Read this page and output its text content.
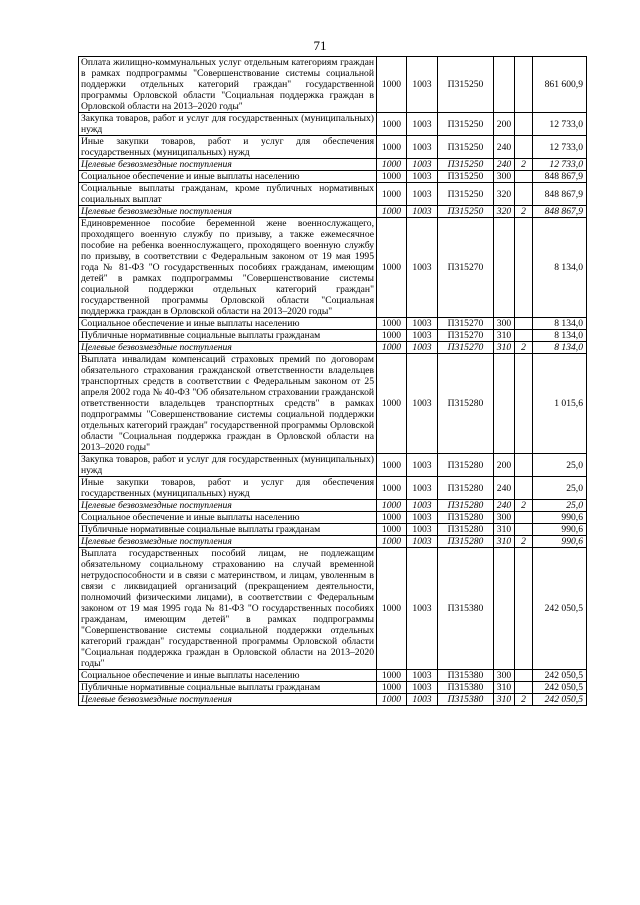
71
Оплата жилищно-коммунальных услуг отдельным категориям граждан в рамках подпрограммы "Совершенствование системы социальной поддержки отдельных категорий граждан" государственной программы Орловской области "Социальная поддержка граждан в Орловской области на 2013–2020 годы"	1000	1003	П315250			861 600,9
Закупка товаров, работ и услуг для государственных (муниципальных) нужд	1000	1003	П315250	200		12 733,0
Иные закупки товаров, работ и услуг для обеспечения государственных (муниципальных) нужд	1000	1003	П315250	240		12 733,0
Целевые безвозмездные поступления	1000	1003	П315250	240	2	12 733,0
Социальное обеспечение и иные выплаты населению	1000	1003	П315250	300		848 867,9
Социальные выплаты гражданам, кроме публичных нормативных социальных выплат	1000	1003	П315250	320		848 867,9
Целевые безвозмездные поступления	1000	1003	П315250	320	2	848 867,9
Единовременное пособие беременной жене военнослужащего, проходящего военную службу по призыву, а также ежемесячное пособие на ребенка военнослужащего, проходящего военную службу по призыву, в соответствии с Федеральным законом от 19 мая 1995 года № 81-ФЗ "О государственных пособиях гражданам, имеющим детей" в рамках подпрограммы "Совершенствование системы социальной поддержки отдельных категорий граждан" государственной программы Орловской области "Социальная поддержка граждан в Орловской области на 2013–2020 годы"	1000	1003	П315270			8 134,0
Социальное обеспечение и иные выплаты населению	1000	1003	П315270	300		8 134,0
Публичные нормативные социальные выплаты гражданам	1000	1003	П315270	310		8 134,0
Целевые безвозмездные поступления	1000	1003	П315270	310	2	8 134,0
Выплата инвалидам компенсаций страховых премий по договорам обязательного страхования гражданской ответственности владельцев транспортных средств в соответствии с Федеральным законом от 25 апреля 2002 года № 40-ФЗ "Об обязательном страховании гражданской ответственности владельцев транспортных средств" в рамках подпрограммы "Совершенствование системы социальной поддержки отдельных категорий граждан" государственной программы Орловской области "Социальная поддержка граждан в Орловской области на 2013–2020 годы"	1000	1003	П315280			1 015,6
Закупка товаров, работ и услуг для государственных (муниципальных) нужд	1000	1003	П315280	200		25,0
Иные закупки товаров, работ и услуг для обеспечения государственных (муниципальных) нужд	1000	1003	П315280	240		25,0
Целевые безвозмездные поступления	1000	1003	П315280	240	2	25,0
Социальное обеспечение и иные выплаты населению	1000	1003	П315280	300		990,6
Публичные нормативные социальные выплаты гражданам	1000	1003	П315280	310		990,6
Целевые безвозмездные поступления	1000	1003	П315280	310	2	990,6
Выплата государственных пособий лицам, не подлежащим обязательному социальному страхованию на случай временной нетрудоспособности и в связи с материнством, и лицам, уволенным в связи с ликвидацией организаций (прекращением деятельности, полномочий физическими лицами), в соответствии с Федеральным законом от 19 мая 1995 года № 81-ФЗ "О государственных пособиях гражданам, имеющим детей" в рамках подпрограммы "Совершенствование системы социальной поддержки отдельных категорий граждан" государственной программы Орловской области "Социальная поддержка граждан в Орловской области на 2013–2020 годы"	1000	1003	П315380			242 050,5
Социальное обеспечение и иные выплаты населению	1000	1003	П315380	300		242 050,5
Публичные нормативные социальные выплаты гражданам	1000	1003	П315380	310		242 050,5
Целевые безвозмездные поступления	1000	1003	П315380	310	2	242 050,5
